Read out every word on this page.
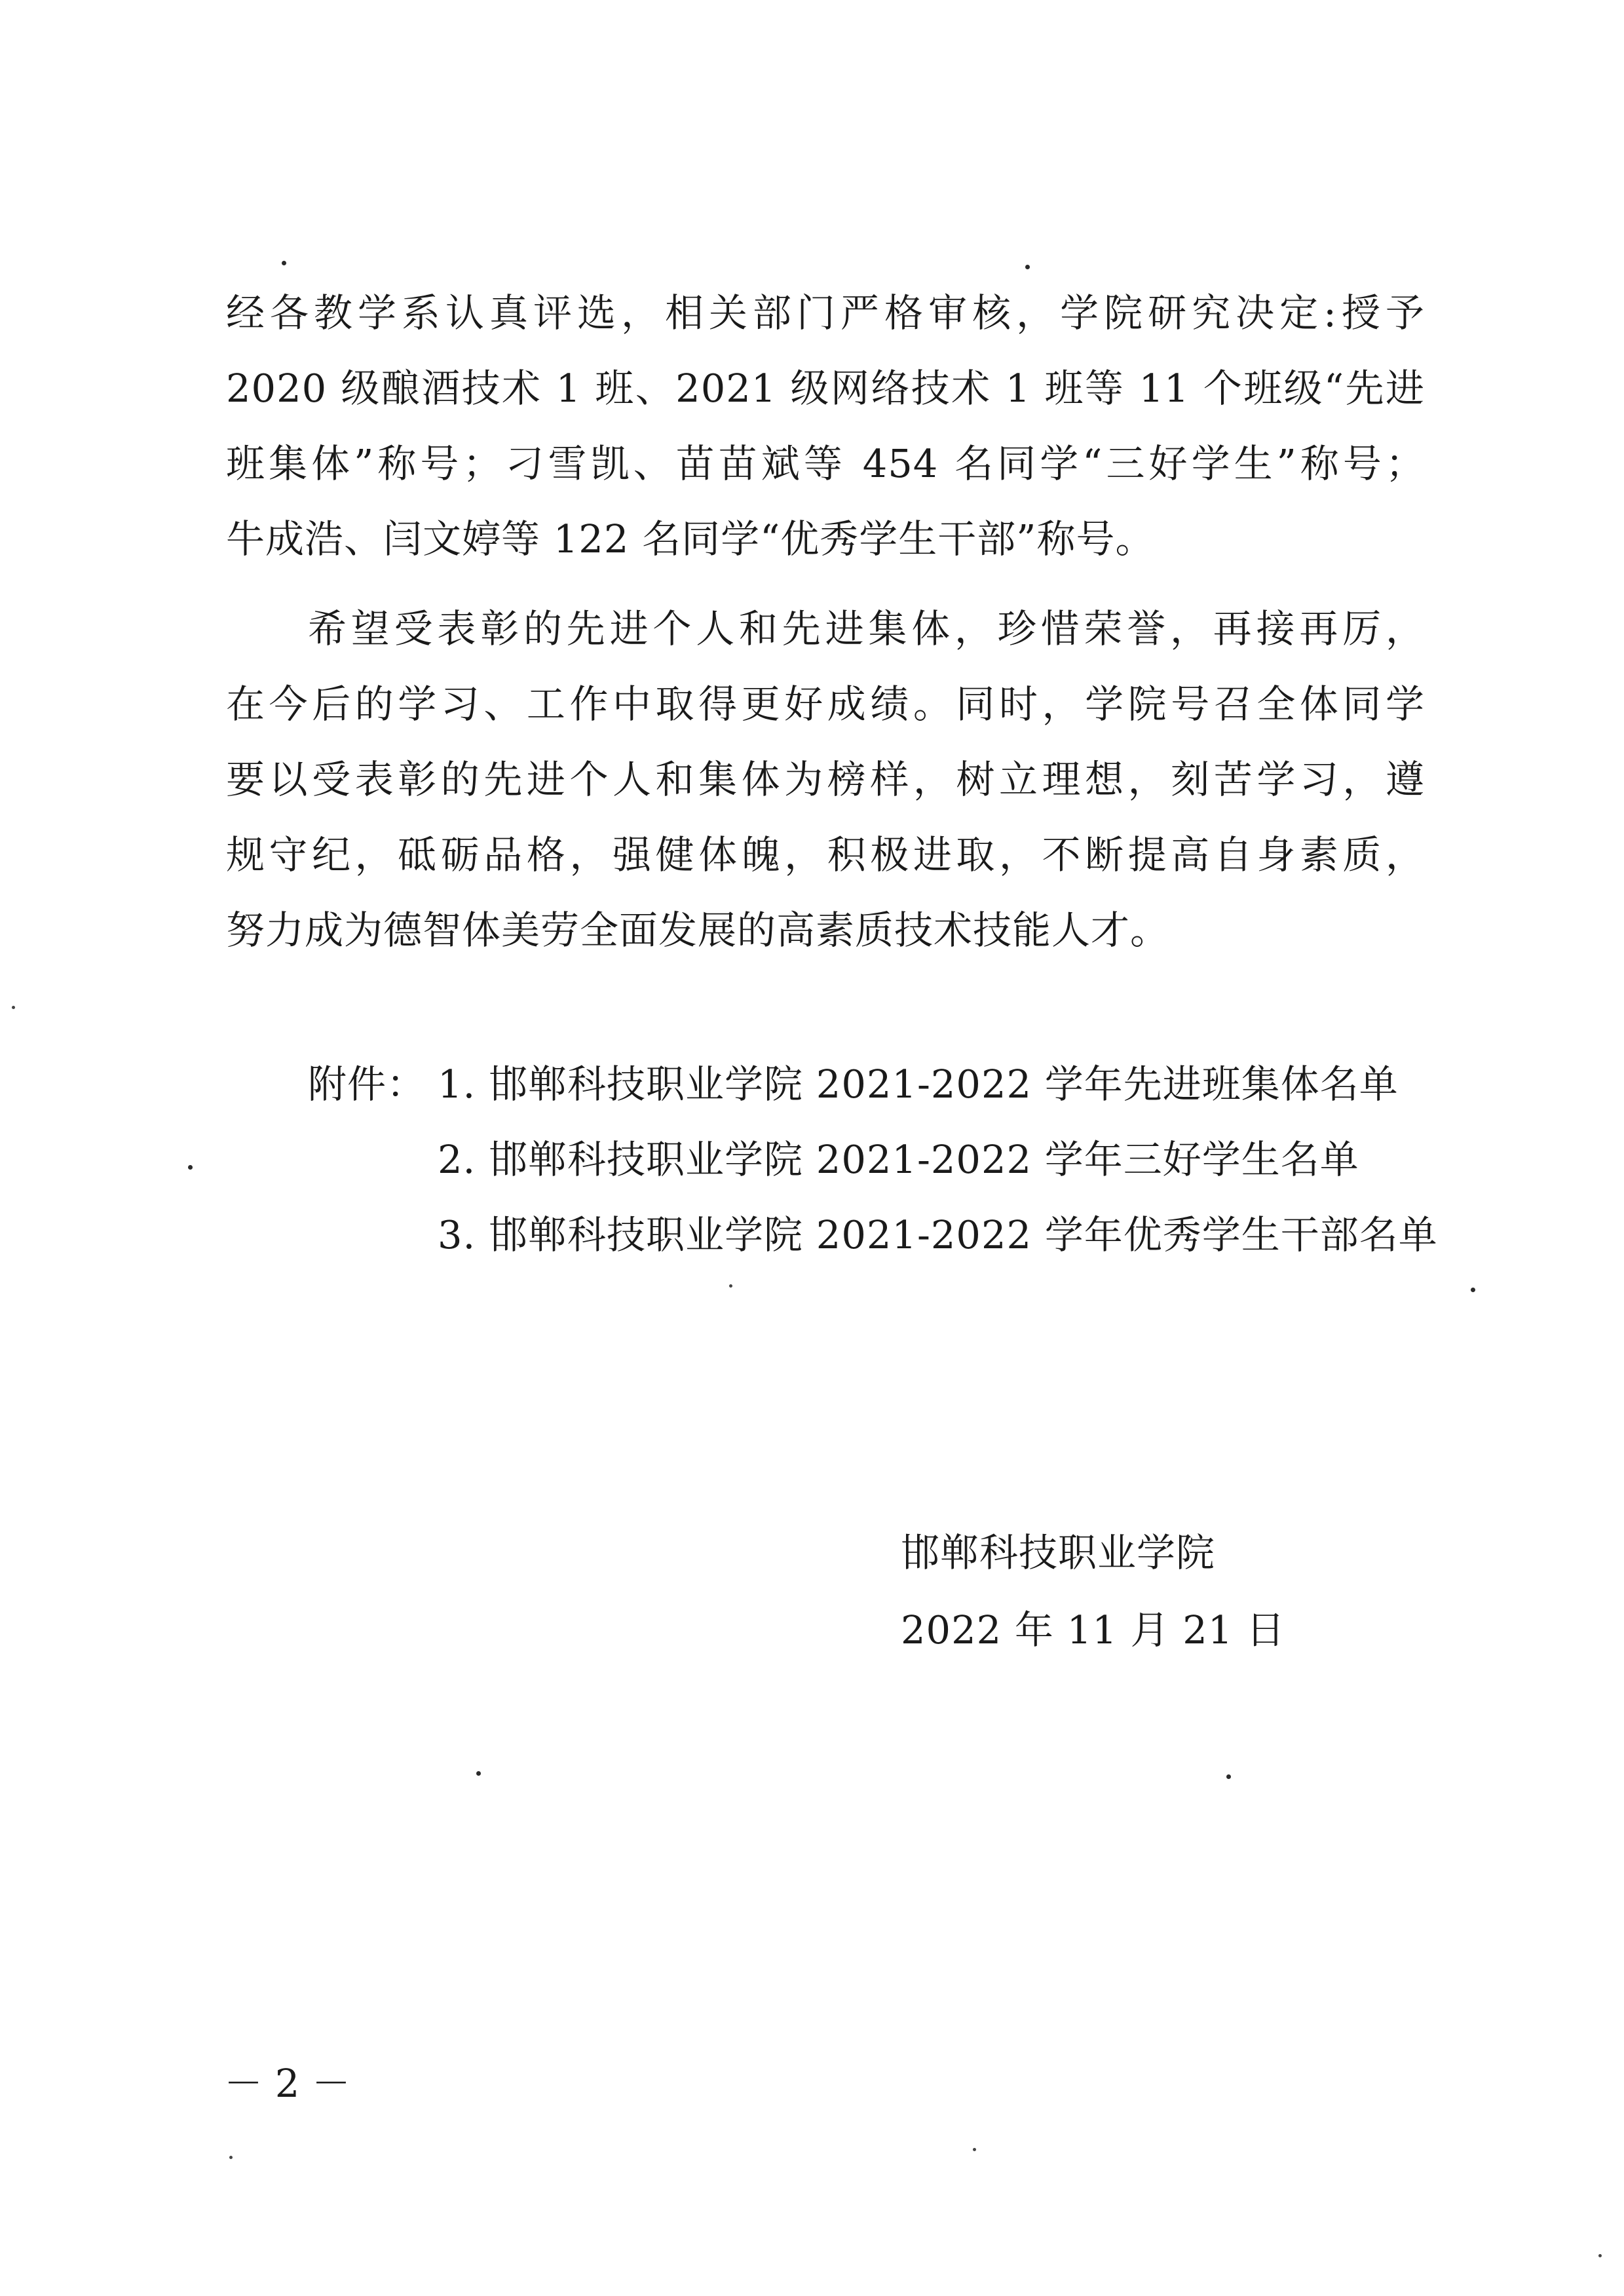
经各教学系认真评选，相关部门严格审核，学院研究决定:授予
2020 级酿酒技术 1 班、2021 级网络技术 1 班等 11 个班级“先进
班集体”称号；刁雪凯、苗苗斌等 454 名同学“三好学生”称号；
牛成浩、闫文婷等 122 名同学“优秀学生干部”称号。
希望受表彰的先进个人和先进集体，珍惜荣誉，再接再厉，
在今后的学习、工作中取得更好成绩。同时，学院号召全体同学
要以受表彰的先进个人和集体为榜样，树立理想，刻苦学习，遵
规守纪，砥砺品格，强健体魄，积极进取，不断提高自身素质，
努力成为德智体美劳全面发展的高素质技术技能人才。
附件： 1. 邯郸科技职业学院 2021-2022 学年先进班集体名单
2. 邯郸科技职业学院 2021-2022 学年三好学生名单
3. 邯郸科技职业学院 2021-2022 学年优秀学生干部名单
邯郸科技职业学院
2022 年 11 月 21 日
－ 2 －
